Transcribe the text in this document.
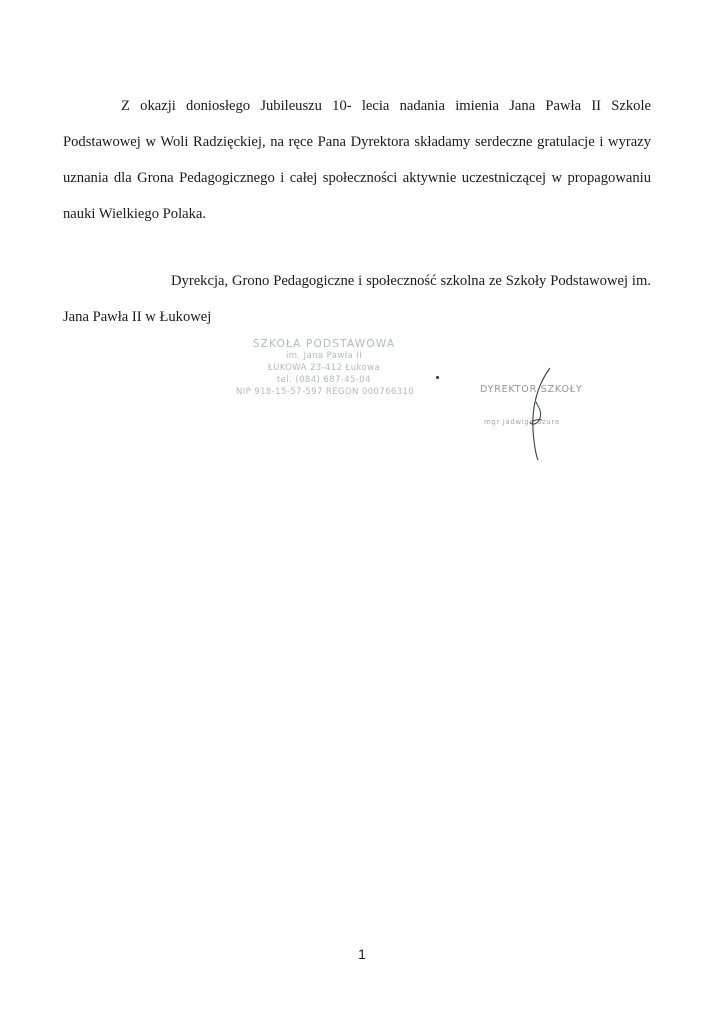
Z okazji doniosłego Jubileuszu 10- lecia nadania imienia Jana Pawła II Szkole Podstawowej w Woli Radzięckiej, na ręce Pana Dyrektora składamy serdeczne gratulacje i wyrazy uznania dla Grona Pedagogicznego i całej społeczności aktywnie uczestniczącej w propagowaniu nauki Wielkiego Polaka.

Dyrekcja, Grono Pedagogiczne i społeczność szkolna ze Szkoły Podstawowej im. Jana Pawła II w Łukowej

SZKOŁA PODSTAWOWA
im. Jana Pawła II
ŁUKOWA 23-412 Łukowa
tel. (084) 687-45-04
NIP 918-15-57-597 REGON 000766310	DYREKTOR SZKOŁY
mgr Jadwiga Szura
1
